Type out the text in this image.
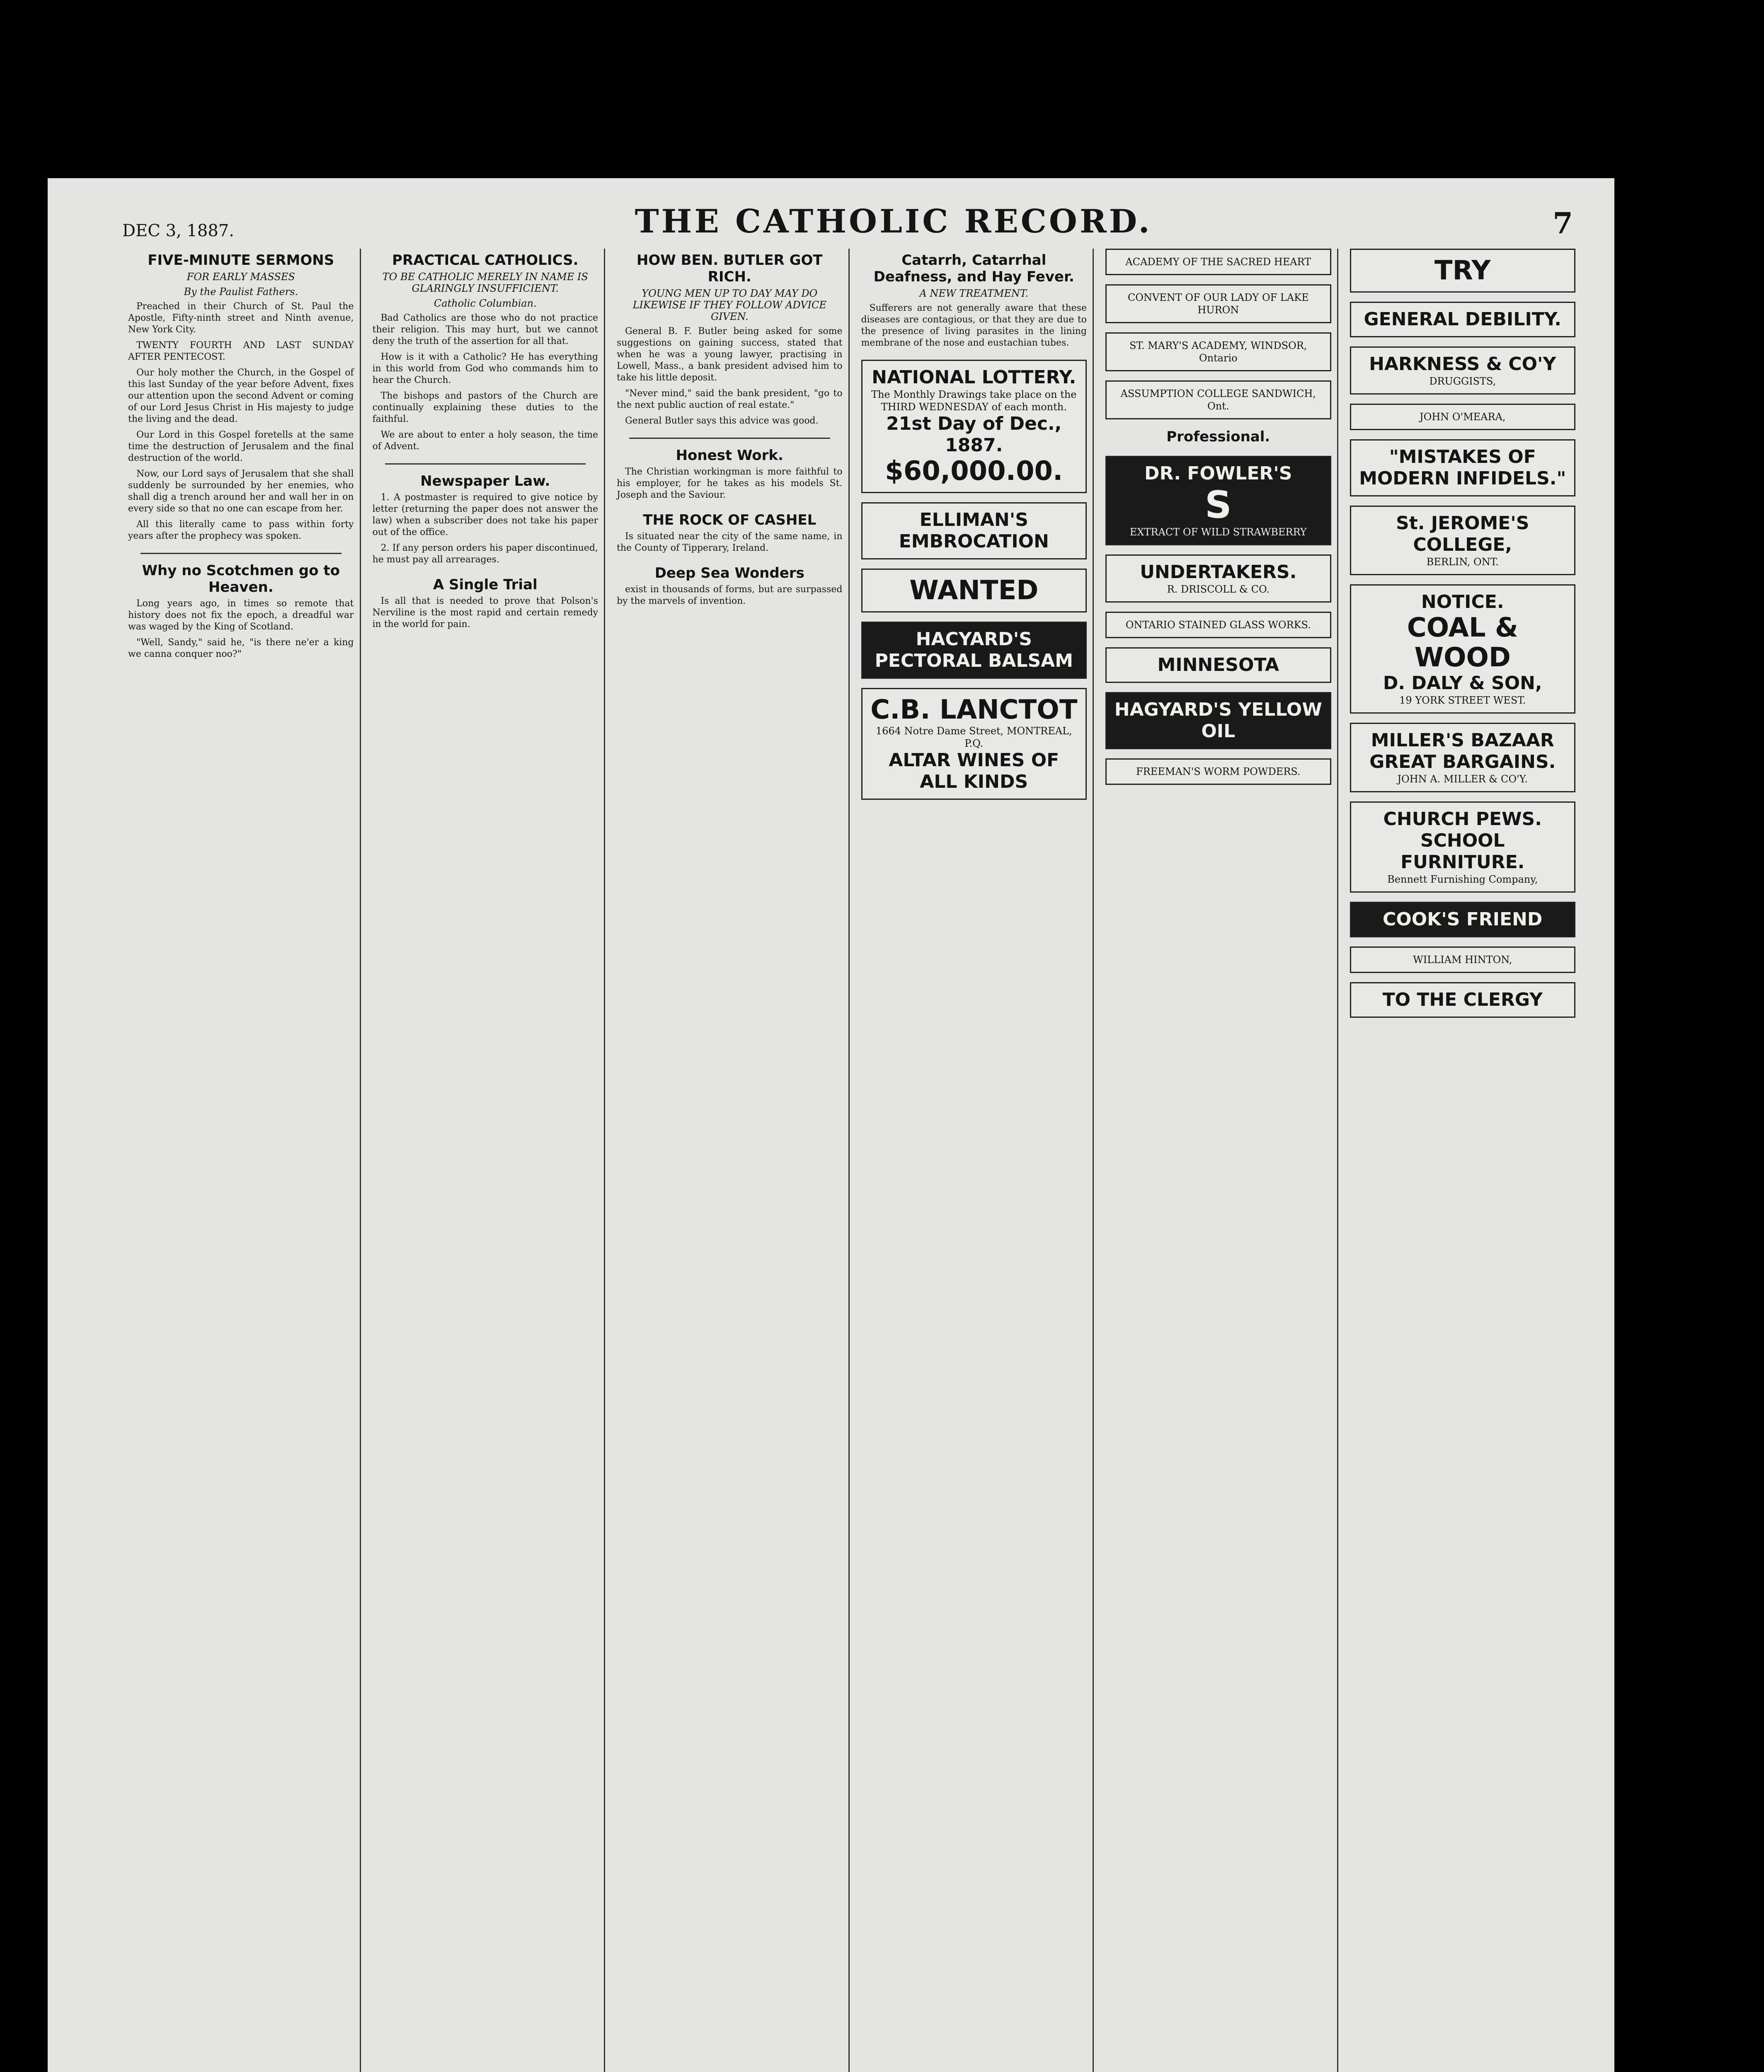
DEC 3, 1887.	THE CATHOLIC RECORD.	7
FIVE-MINUTE SERMONS
FOR EARLY MASSES
By the Paulist Fathers.

Preached in their Church of St. Paul the Apostle, Fifty-ninth street and Ninth avenue, New York City.

TWENTY FOURTH AND LAST SUNDAY AFTER PENTECOST.

Our holy mother the Church, in the Gospel of this last Sunday of the year before Advent, fixes our attention upon the second Advent or coming of our Lord Jesus Christ in His majesty to judge the living and the dead.

Our Lord in this Gospel foretells at the same time the destruction of Jerusalem and the final destruction of the world.

Now, our Lord says of Jerusalem that she shall suddenly be surrounded by her enemies, who shall dig a trench around her and wall her in on every side so that no one can escape from her.

All this literally came to pass within forty years after the prophecy was spoken.

Why no Scotchmen go to Heaven.

Long years ago, in times so remote that history does not fix the epoch, a dreadful war was waged by the King of Scotland.

"Well, Sandy," said he, "is there ne'er a king we canna conquer noo?"

PRACTICAL CATHOLICS.
TO BE CATHOLIC MERELY IN NAME IS GLARINGLY INSUFFICIENT.
Catholic Columbian.

Bad Catholics are those who do not practice their religion. This may hurt, but we cannot deny the truth of the assertion for all that.

How is it with a Catholic? He has everything in this world from God who commands him to hear the Church.

The bishops and pastors of the Church are continually explaining these duties to the faithful.

We are about to enter a holy season, the time of Advent.

Newspaper Law.

1. A postmaster is required to give notice by letter (returning the paper does not answer the law) when a subscriber does not take his paper out of the office.

2. If any person orders his paper discontinued, he must pay all arrearages.

A Single Trial

Is all that is needed to prove that Polson's Nerviline is the most rapid and certain remedy in the world for pain.

HOW BEN. BUTLER GOT RICH.
YOUNG MEN UP TO DAY MAY DO LIKEWISE IF THEY FOLLOW ADVICE GIVEN.

General B. F. Butler being asked for some suggestions on gaining success, stated that when he was a young lawyer, practising in Lowell, Mass., a bank president advised him to take his little deposit.

"Never mind," said the bank president, "go to the next public auction of real estate."

General Butler says this advice was good.

Honest Work.

The Christian workingman is more faithful to his employer, for he takes as his models St. Joseph and the Saviour.

THE ROCK OF CASHEL

Is situated near the city of the same name, in the County of Tipperary, Ireland.

Deep Sea Wonders

exist in thousands of forms, but are surpassed by the marvels of invention.

Catarrh, Catarrhal Deafness, and Hay Fever.
A NEW TREATMENT.

Sufferers are not generally aware that these diseases are contagious, or that they are due to the presence of living parasites in the lining membrane of the nose and eustachian tubes.

NATIONAL LOTTERY.
The Monthly Drawings take place on the THIRD WEDNESDAY of each month.
21st Day of Dec., 1887.
$60,000.00.
ELLIMAN'S EMBROCATION
WANTED
HACYARD'S PECTORAL BALSAM
C.B. LANCTOT
1664 Notre Dame Street, MONTREAL, P.Q.
ALTAR WINES OF ALL KINDS
ACADEMY OF THE SACRED HEART
CONVENT OF OUR LADY OF LAKE HURON
ST. MARY'S ACADEMY, WINDSOR, Ontario
ASSUMPTION COLLEGE SANDWICH, Ont.
Professional.
DR. FOWLER'S
S
EXTRACT OF WILD STRAWBERRY
UNDERTAKERS.
R. DRISCOLL & CO.
ONTARIO STAINED GLASS WORKS.
MINNESOTA
HAGYARD'S YELLOW OIL
FREEMAN'S WORM POWDERS.
TRY
GENERAL DEBILITY.
HARKNESS & CO'Y
DRUGGISTS,
JOHN O'MEARA,
"MISTAKES OF MODERN INFIDELS."
St. JEROME'S COLLEGE,
BERLIN, ONT.
NOTICE.
COAL & WOOD
D. DALY & SON,
19 YORK STREET WEST.
MILLER'S BAZAAR
GREAT BARGAINS.
JOHN A. MILLER & CO'Y.
CHURCH PEWS.
SCHOOL FURNITURE.
Bennett Furnishing Company,
COOK'S FRIEND
WILLIAM HINTON,
TO THE CLERGY
